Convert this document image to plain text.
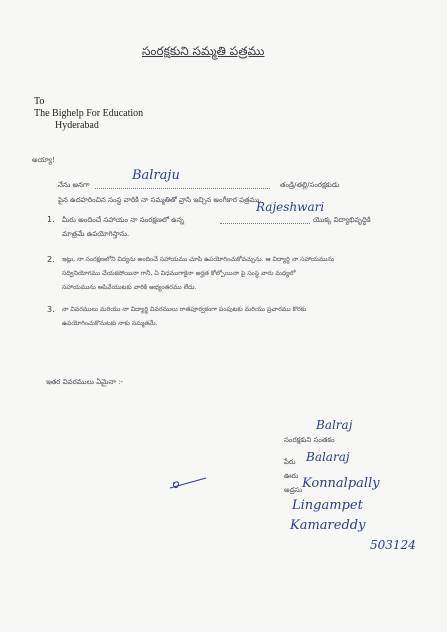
సంరక్షకుని సమ్మతి పత్రము
To
The Bighelp For Education
Hyderabad
అయ్యా!
నేను అనగా
Balraju
తండ్రి/తల్లి/సంరక్షకుడు
పైన ఉదహరించిన సంస్థ వారికి నా సమ్మతితో వ్రాసి ఇచ్చిన అంగీకార పత్రము.
1. మీరు అందించే సహాయం నా సంరక్షణలో ఉన్న
Rajeshwari
యొక్క విద్యాభివృద్ధికి
మాత్రమే ఉపయోగిస్తాను.
2. ఇట్లు, నా సంరక్షణలోని విద్యను అందించే సహాయము చూపి ఉపయోగించుకోవచ్చును. ఆ విద్యార్థి నా సహాయమును
సద్వినియోగము చేయకపోయినా గానీ, ఏ విధముగాకైనా అర్హత కోల్పోయినా పై సంస్థ వారు మధ్యలో
సహాయమును ఆపివేయుటకు వారికి అభ్యంతరము లేదు.
3. నా వివరములు మరియు నా విద్యార్థి వివరములు రాతపూర్వకంగా పంపుటకు మరియు ప్రచారము కొరకు
ఉపయోగించుకొనుటకు నాకు సమ్మతమే.
ఇతర వివరములు ఏమైనా :-
Balraj
సంరక్షకుని సంతకం
పేరు Balaraj
ఊరు
అడ్రసు Konnalpally
Lingampet
Kamareddy
503124
